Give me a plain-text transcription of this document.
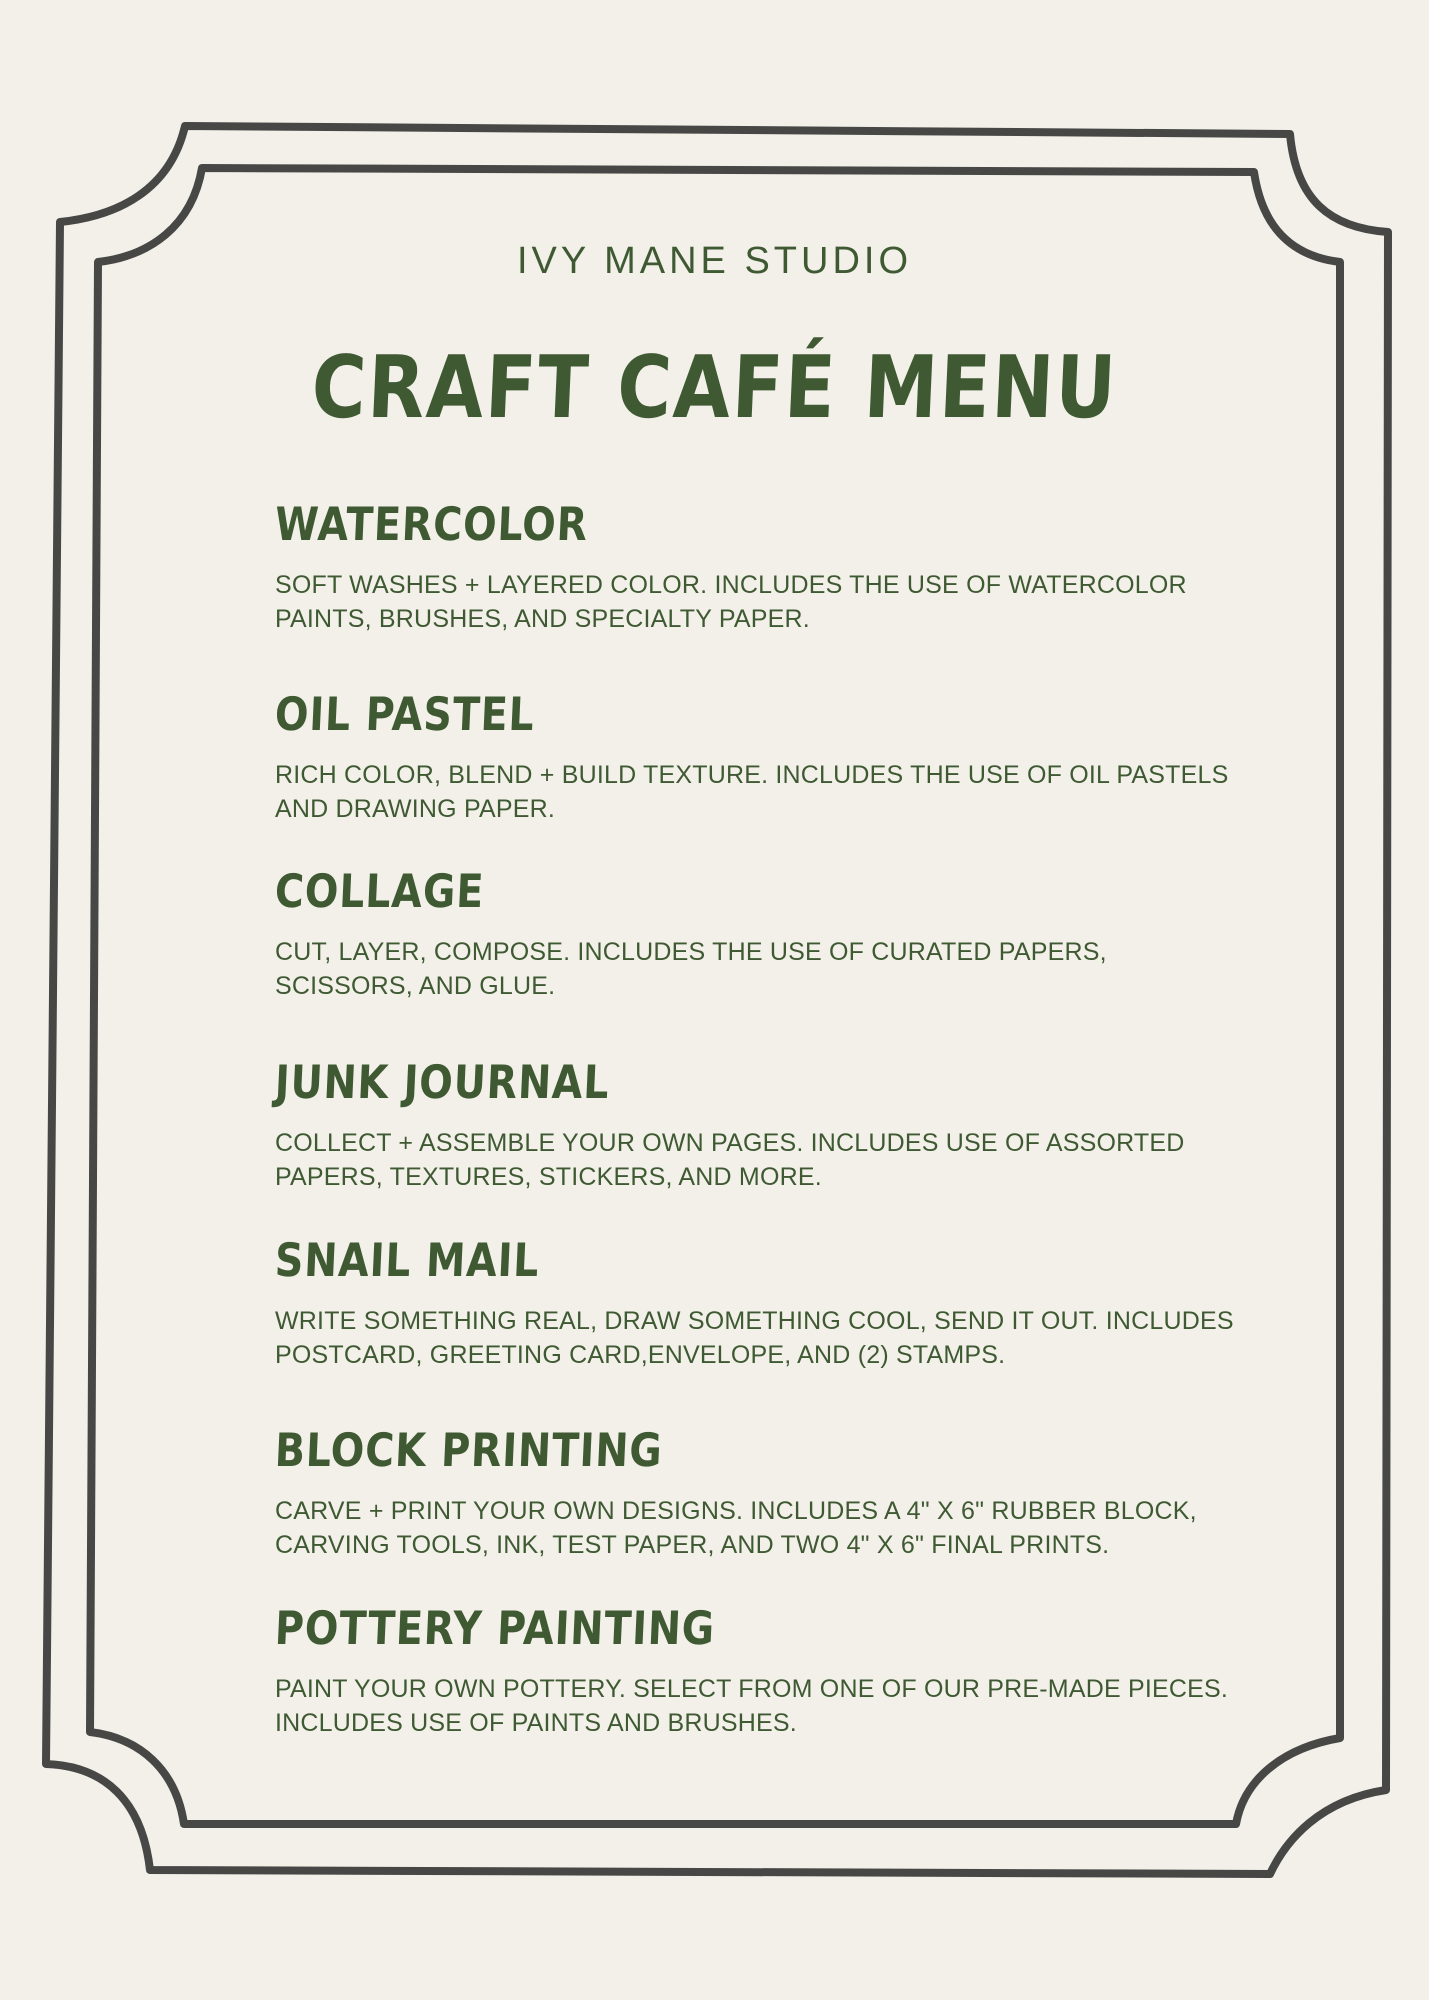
IVY MANE STUDIO
CRAFT CAFÉ MENU
WATERCOLOR
SOFT WASHES + LAYERED COLOR. INCLUDES THE USE OF WATERCOLOR PAINTS, BRUSHES, AND SPECIALTY PAPER.
OIL PASTEL
RICH COLOR, BLEND + BUILD TEXTURE. INCLUDES THE USE OF OIL PASTELS AND DRAWING PAPER.
COLLAGE
CUT, LAYER, COMPOSE. INCLUDES THE USE OF CURATED PAPERS, SCISSORS, AND GLUE.
JUNK JOURNAL
COLLECT + ASSEMBLE YOUR OWN PAGES. INCLUDES USE OF ASSORTED PAPERS, TEXTURES, STICKERS, AND MORE.
SNAIL MAIL
WRITE SOMETHING REAL, DRAW SOMETHING COOL, SEND IT OUT. INCLUDES POSTCARD, GREETING CARD,ENVELOPE, AND (2) STAMPS.
BLOCK PRINTING
CARVE + PRINT YOUR OWN DESIGNS. INCLUDES A 4" X 6" RUBBER BLOCK, CARVING TOOLS, INK, TEST PAPER, AND TWO 4" X 6" FINAL PRINTS.
POTTERY PAINTING
PAINT YOUR OWN POTTERY. SELECT FROM ONE OF OUR PRE-MADE PIECES. INCLUDES USE OF PAINTS AND BRUSHES.
